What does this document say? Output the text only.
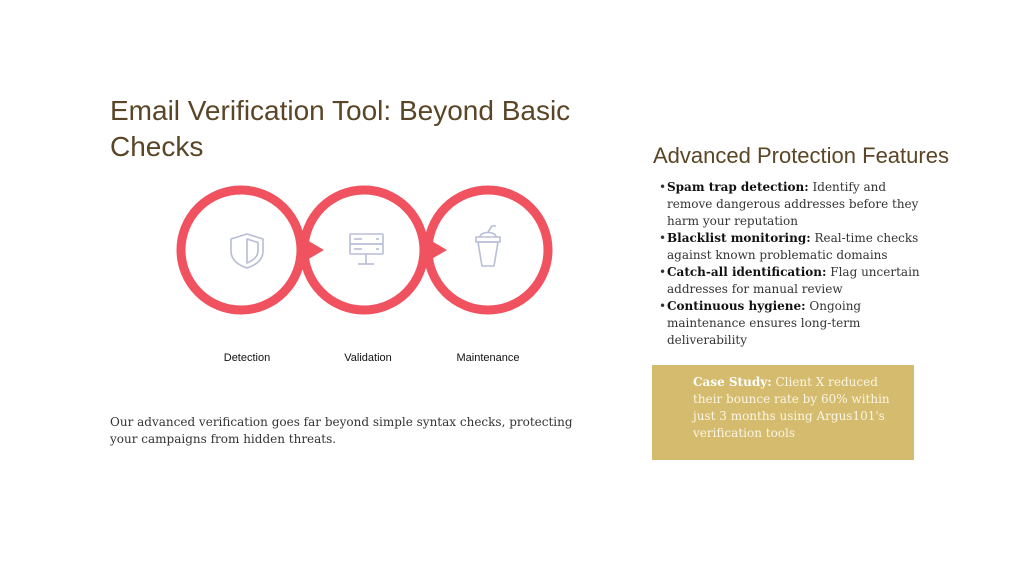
Email Verification Tool: Beyond Basic Checks
Detection	Validation	Maintenance

Our advanced verification goes far beyond simple syntax checks, protecting your campaigns from hidden threats.

Advanced Protection Features
• Spam trap detection: Identify and remove dangerous addresses before they harm your reputation
• Blacklist monitoring: Real-time checks against known problematic domains
• Catch-all identification: Flag uncertain addresses for manual review
• Continuous hygiene: Ongoing maintenance ensures long-term deliverability
Case Study: Client X reduced their bounce rate by 60% within just 3 months using Argus101's verification tools
